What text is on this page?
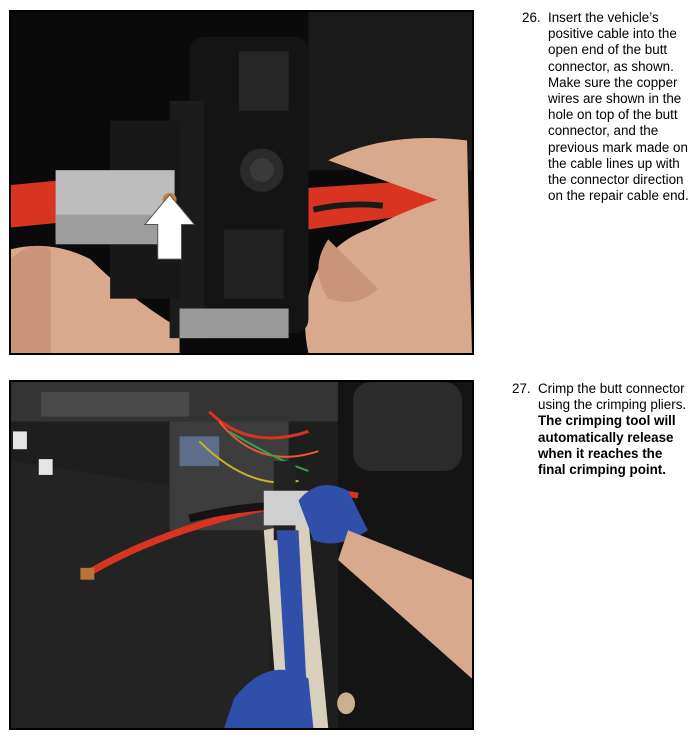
26. Insert the vehicle’s positive cable into the open end of the butt connector, as shown. Make sure the copper wires are shown in the hole on top of the butt connector, and the previous mark made on the cable lines up with the connector direction on the repair cable end.
27. Crimp the butt connector using the crimping pliers. The crimping tool will automatically release when it reaches the final crimping point.
